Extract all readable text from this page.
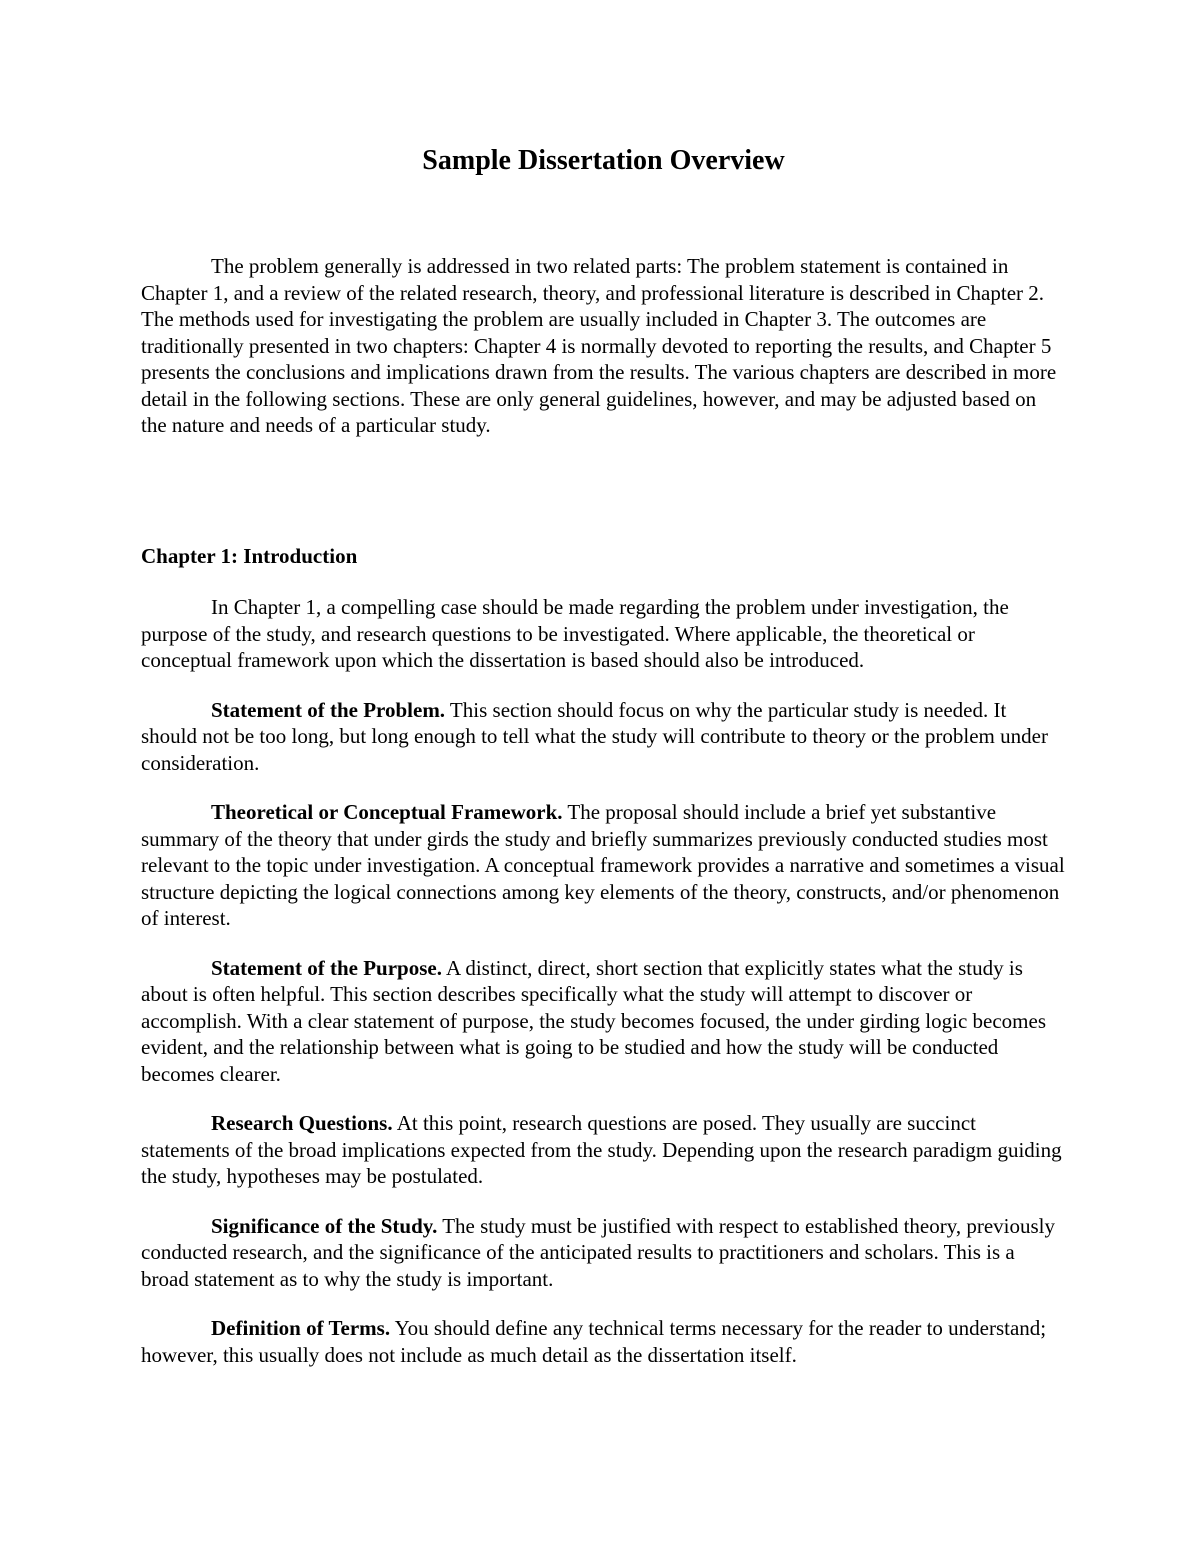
Sample Dissertation Overview

The problem generally is addressed in two related parts: The problem statement is contained in Chapter 1, and a review of the related research, theory, and professional literature is described in Chapter 2. The methods used for investigating the problem are usually included in Chapter 3. The outcomes are traditionally presented in two chapters: Chapter 4 is normally devoted to reporting the results, and Chapter 5 presents the conclusions and implications drawn from the results. The various chapters are described in more detail in the following sections. These are only general guidelines, however, and may be adjusted based on the nature and needs of a particular study.

Chapter 1: Introduction

In Chapter 1, a compelling case should be made regarding the problem under investigation, the purpose of the study, and research questions to be investigated. Where applicable, the theoretical or conceptual framework upon which the dissertation is based should also be introduced.

Statement of the Problem. This section should focus on why the particular study is needed. It should not be too long, but long enough to tell what the study will contribute to theory or the problem under consideration.

Theoretical or Conceptual Framework. The proposal should include a brief yet substantive summary of the theory that under girds the study and briefly summarizes previously conducted studies most relevant to the topic under investigation. A conceptual framework provides a narrative and sometimes a visual structure depicting the logical connections among key elements of the theory, constructs, and/or phenomenon of interest.

Statement of the Purpose. A distinct, direct, short section that explicitly states what the study is about is often helpful. This section describes specifically what the study will attempt to discover or accomplish. With a clear statement of purpose, the study becomes focused, the under girding logic becomes evident, and the relationship between what is going to be studied and how the study will be conducted becomes clearer.

Research Questions. At this point, research questions are posed. They usually are succinct statements of the broad implications expected from the study. Depending upon the research paradigm guiding the study, hypotheses may be postulated.

Significance of the Study. The study must be justified with respect to established theory, previously conducted research, and the significance of the anticipated results to practitioners and scholars. This is a broad statement as to why the study is important.

Definition of Terms. You should define any technical terms necessary for the reader to understand; however, this usually does not include as much detail as the dissertation itself.
